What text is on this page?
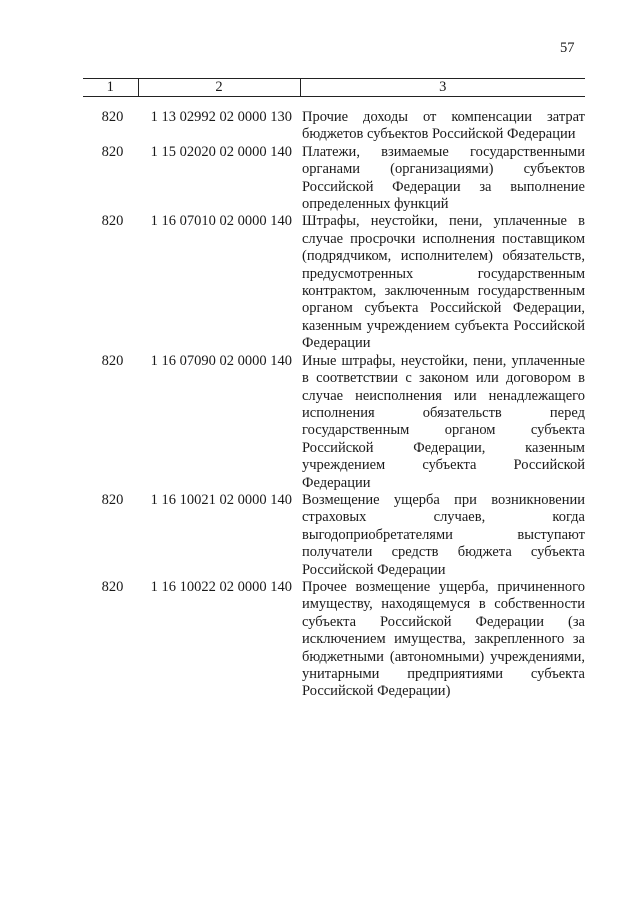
57
1	2	3

820	1 13 02992 02 0000 130	Прочие доходы от компенсации затрат бюджетов субъектов Российской Федерации
820	1 15 02020 02 0000 140	Платежи, взимаемые государственными органами (организациями) субъектов Российской Федерации за выполнение определенных функций
820	1 16 07010 02 0000 140	Штрафы, неустойки, пени, уплаченные в случае просрочки исполнения поставщиком (подрядчиком, исполнителем) обязательств, предусмотренных государственным контрактом, заключенным государственным органом субъекта Российской Федерации, казенным учреждением субъекта Российской Федерации
820	1 16 07090 02 0000 140	Иные штрафы, неустойки, пени, уплаченные в соответствии с законом или договором в случае неисполнения или ненадлежащего исполнения обязательств перед государственным органом субъекта Российской Федерации, казенным учреждением субъекта Российской Федерации
820	1 16 10021 02 0000 140	Возмещение ущерба при возникновении страховых случаев, когда выгодоприобретателями выступают получатели средств бюджета субъекта Российской Федерации
820	1 16 10022 02 0000 140	Прочее возмещение ущерба, причиненного имуществу, находящемуся в собственности субъекта Российской Федерации (за исключением имущества, закрепленного за бюджетными (автономными) учреждениями, унитарными предприятиями субъекта Российской Федерации)
